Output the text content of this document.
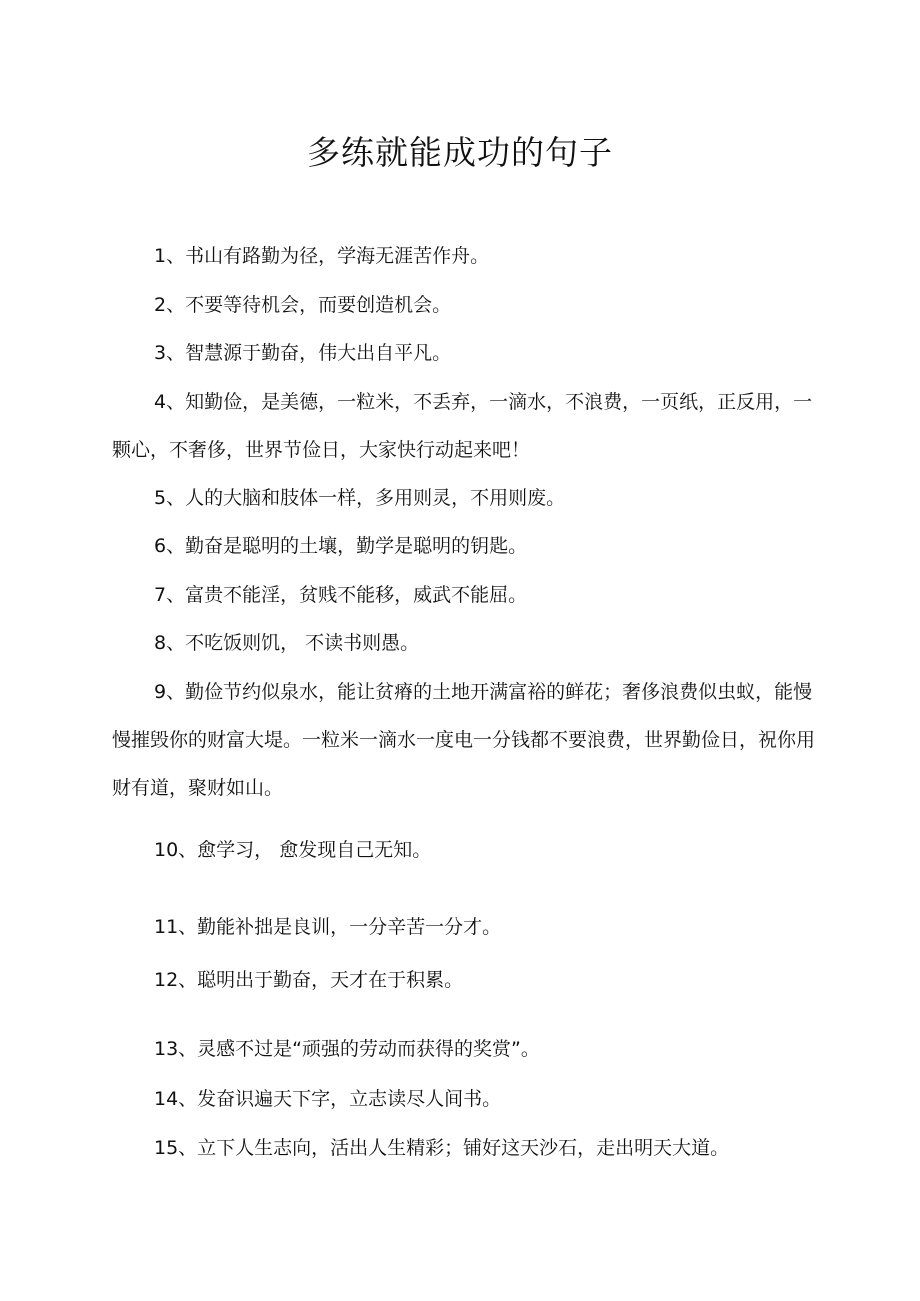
多练就能成功的句子

1、书山有路勤为径，学海无涯苦作舟。

2、不要等待机会，而要创造机会。

3、智慧源于勤奋，伟大出自平凡。

4、知勤俭，是美德，一粒米，不丢弃，一滴水，不浪费，一页纸，正反用，一颗心，不奢侈，世界节俭日，大家快行动起来吧！

5、人的大脑和肢体一样，多用则灵，不用则废。

6、勤奋是聪明的土壤，勤学是聪明的钥匙。

7、富贵不能淫，贫贱不能移，威武不能屈。

8、不吃饭则饥， 不读书则愚。

9、勤俭节约似泉水，能让贫瘠的土地开满富裕的鲜花；奢侈浪费似虫蚁，能慢慢摧毁你的财富大堤。一粒米一滴水一度电一分钱都不要浪费，世界勤俭日，祝你用财有道，聚财如山。

10、愈学习， 愈发现自己无知。

11、勤能补拙是良训，一分辛苦一分才。

12、聪明出于勤奋，天才在于积累。

13、灵感不过是“顽强的劳动而获得的奖赏”。

14、发奋识遍天下字，立志读尽人间书。

15、立下人生志向，活出人生精彩；铺好这天沙石，走出明天大道。
